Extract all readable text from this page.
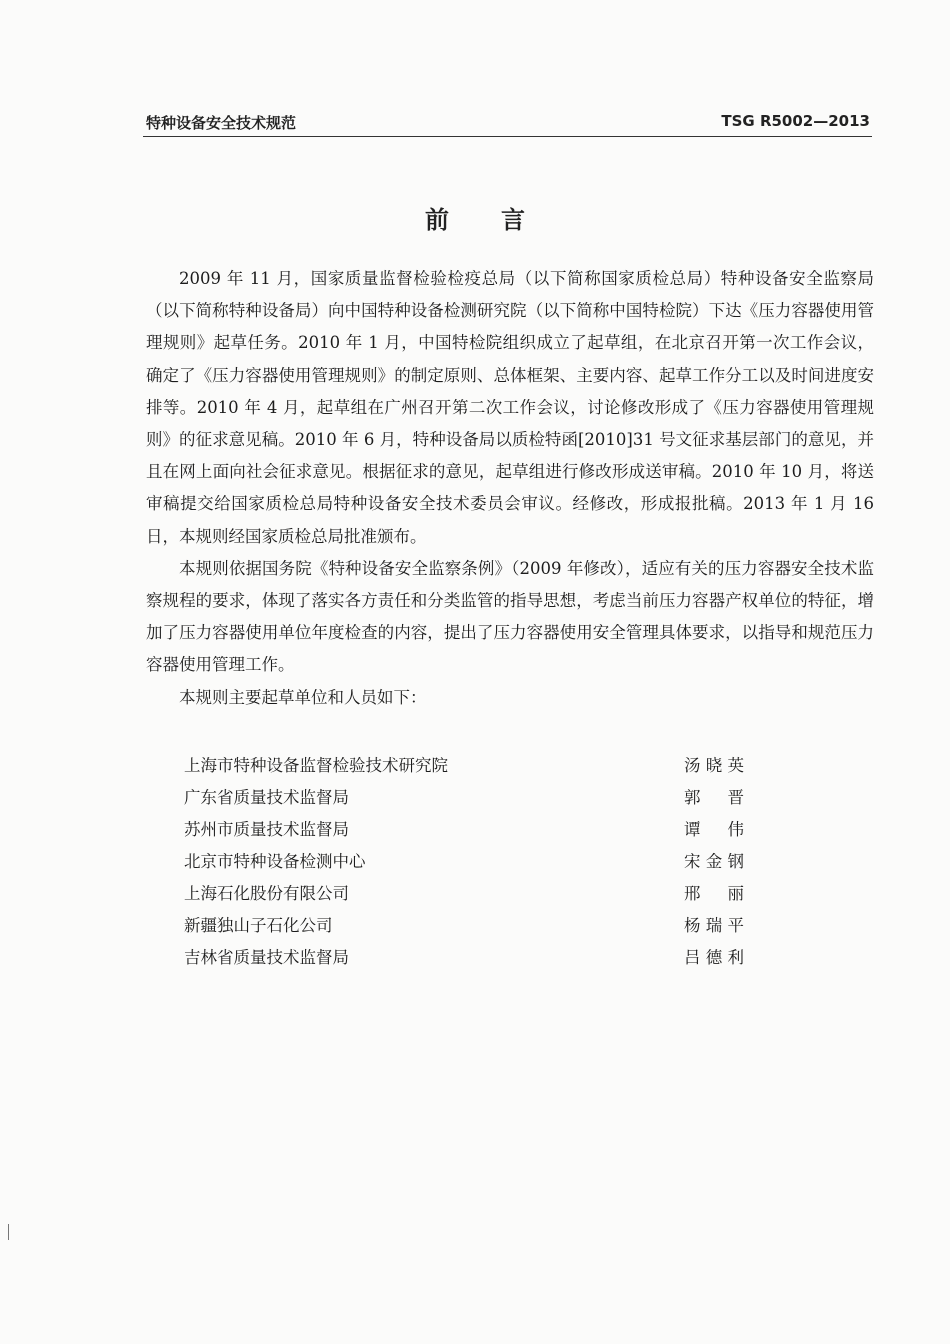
特种设备安全技术规范	TSG R5002—2013
前言

2009 年 11 月，国家质量监督检验检疫总局（以下简称国家质检总局）特种设备安全监察局（以下简称特种设备局）向中国特种设备检测研究院（以下简称中国特检院）下达《压力容器使用管理规则》起草任务。2010 年 1 月，中国特检院组织成立了起草组，在北京召开第一次工作会议，确定了《压力容器使用管理规则》的制定原则、总体框架、主要内容、起草工作分工以及时间进度安排等。2010 年 4 月，起草组在广州召开第二次工作会议，讨论修改形成了《压力容器使用管理规则》的征求意见稿。2010 年 6 月，特种设备局以质检特函[2010]31 号文征求基层部门的意见，并且在网上面向社会征求意见。根据征求的意见，起草组进行修改形成送审稿。2010 年 10 月，将送审稿提交给国家质检总局特种设备安全技术委员会审议。经修改，形成报批稿。2013 年 1 月 16 日，本规则经国家质检总局批准颁布。

本规则依据国务院《特种设备安全监察条例》（2009 年修改），适应有关的压力容器安全技术监察规程的要求，体现了落实各方责任和分类监管的指导思想，考虑当前压力容器产权单位的特征，增加了压力容器使用单位年度检查的内容，提出了压力容器使用安全管理具体要求，以指导和规范压力容器使用管理工作。

本规则主要起草单位和人员如下：

上海市特种设备监督检验技术研究院	汤晓英
广东省质量技术监督局	郭晋
苏州市质量技术监督局	谭伟
北京市特种设备检测中心	宋金钢
上海石化股份有限公司	邢丽
新疆独山子石化公司	杨瑞平
吉林省质量技术监督局	吕德利
